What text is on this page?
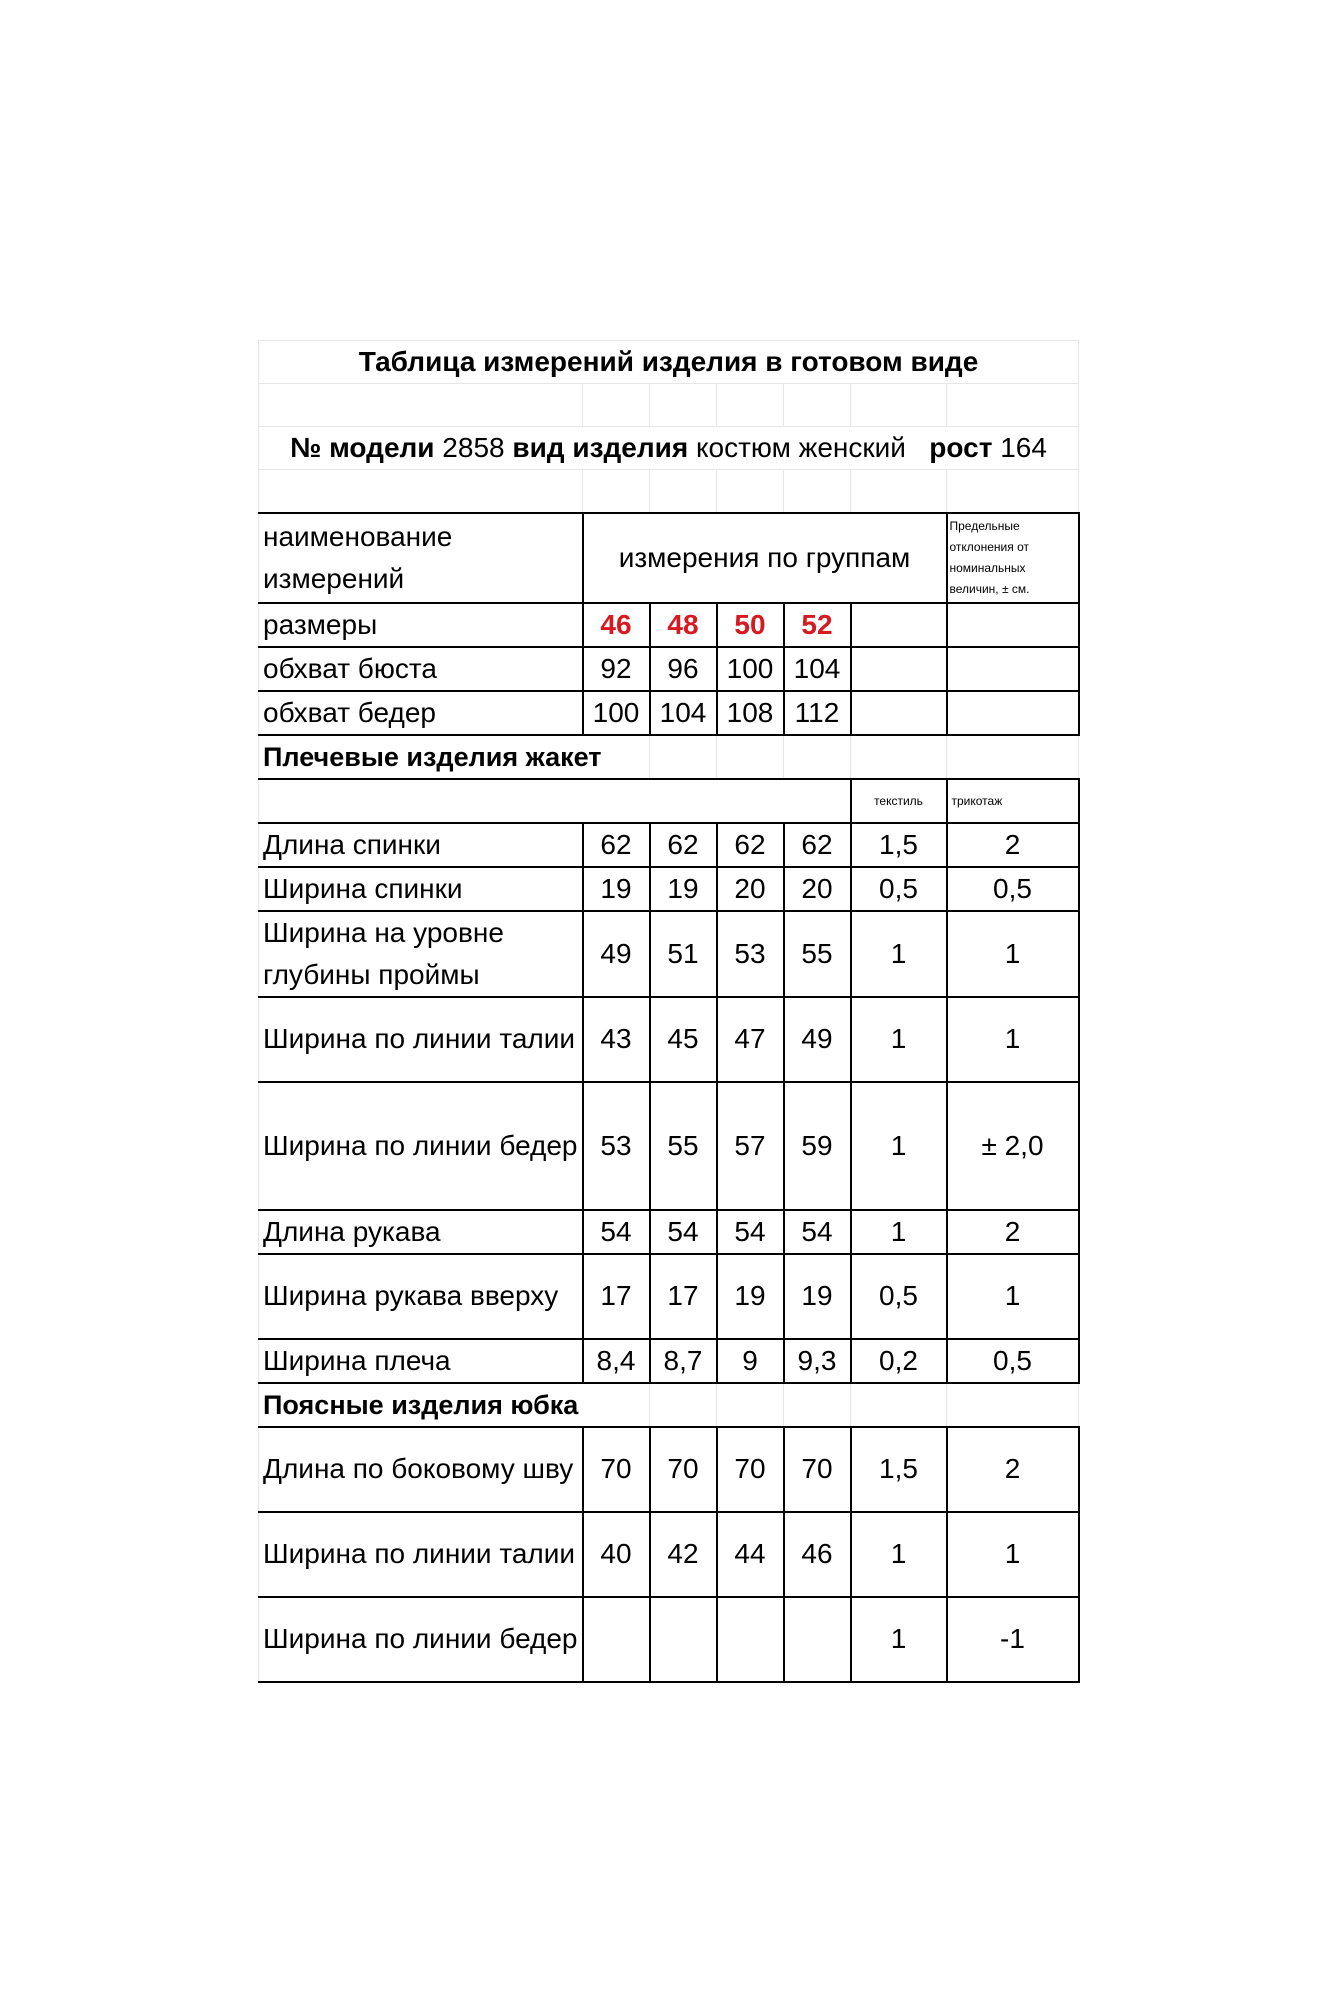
Таблица измерений изделия в готовом виде						

№ модели 2858 вид изделия костюм женский рост 164						

наименование измерений	измерения по группам					Предельные отклонения от номинальных величин, ± см.
размеры	46	48	50	52		
обхват бюста	92	96	100	104		
обхват бедер	100	104	108	112		
Плечевые изделия жакет						
					текстиль	трикотаж
Длина спинки	62	62	62	62	1,5	2
Ширина спинки	19	19	20	20	0,5	0,5
Ширина на уровне глубины проймы	49	51	53	55	1	1
Ширина по линии талии	43	45	47	49	1	1
Ширина по линии бедер	53	55	57	59	1	± 2,0
Длина рукава	54	54	54	54	1	2
Ширина рукава вверху	17	17	19	19	0,5	1
Ширина плеча	8,4	8,7	9	9,3	0,2	0,5
Поясные изделия юбка						
Длина по боковому шву	70	70	70	70	1,5	2
Ширина по линии талии	40	42	44	46	1	1
Ширина по линии бедер					1	-1
